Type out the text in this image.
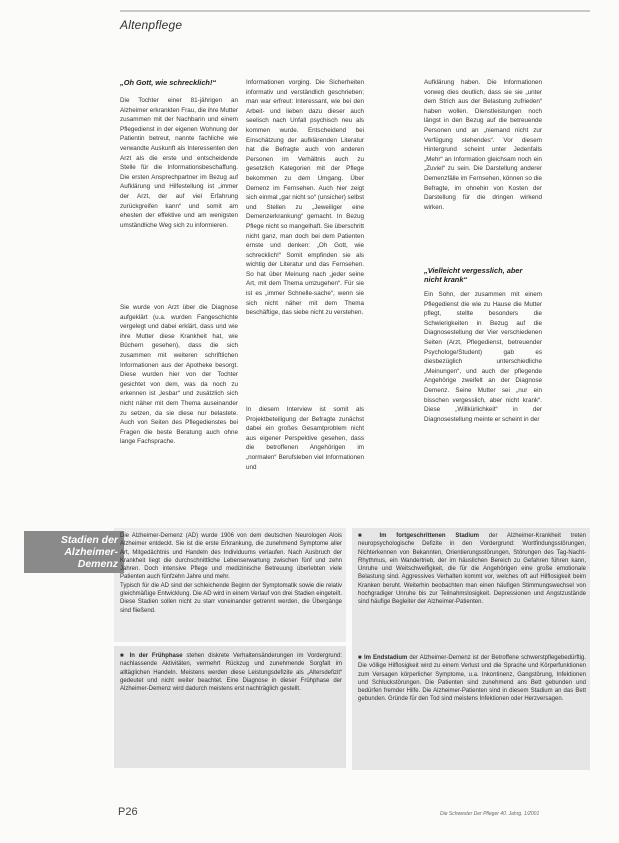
Altenpflege
„Oh Gott, wie schrecklich!“
Die Tochter einer 81-jährigen an Alzheimer erkrankten Frau, die ihre Mutter zusammen mit der Nachbarin und einem Pflegedienst in der eigenen Wohnung der Patientin betreut, nannte fachliche wie verwandte Auskunft als Interessenten den Arzt als die erste und entscheidende Stelle für die Informationsbeschaffung. Die ersten Ansprechpartner im Bezug auf Aufklärung und Hilfestellung ist „immer der Arzt, der auf viel Erfahrung zurückgreifen kann“ und somit am ehesten der effektive und am wenigsten umständliche Weg sich zu informieren.
Sie wurde von Arzt über die Diagnose aufgeklärt (u.a. wurden Fangeschichte vergelegt und dabei erklärt, dass und wie ihre Mutter diese Krankheit hat, wie Büchern gesehen), dass die sich zusammen mit weiteren schriftlichen Informationen aus der Apotheke besorgt. Diese wurden hier von der Tochter gesichtet von dem, was da noch zu erkennen ist „lesbar“ und zusätzlich sich nicht näher mit dem Thema auseinander zu setzen, da sie diese nur belastete. Auch von Seiten des Pflegedienstes bei Fragen die beste Beratung auch ohne lange Fachsprache.
Informationen vorging. Die Sicherheiten informativ und verständlich geschrieben; man war erfreut: Interessant, wie bei den Arbeit- und lieben dazu dieser auch seelisch nach Unfall psychisch neu als kommen wurde. Entscheidend bei Einschätzung der aufklärenden Literatur hat die Befragte auch von anderen Personen im Verhältnis auch zu gesetzlich Kategorien mit der Pflege bekommen zu dem Umgang. Über Demenz im Fernsehen. Auch hier zeigt sich einmal „gar nicht so“ (unsicher) selbst und Stellen zu „Jeweiliger eine Demenzerkrankung“ gemacht. In Bezug Pflege nicht so mangelhaft. Sie überschritt nicht ganz, man doch bei dem Patienten ernste und denken: „Oh Gott, wie schrecklich!“ Somit empfinden sie als wichtig der Literatur und das Fernsehen. So hat über Meinung nach „jeder seine Art, mit dem Thema umzugehen“. Für sie ist es „immer Schnelle-sache“, wenn sie sich nicht näher mit dem Thema beschäftige, das siebe nicht zu verstehen.
In diesem Interview ist somit als Projektbeteiligung der Befragte zunächst dabei ein großes Gesamtproblem nicht aus eigener Perspektive gesehen, dass die betroffenen Angehörigen im „normalen“ Berufsleben viel Informationen und
Aufklärung haben. Die Informationen vorweg dies deutlich, dass sie sie „unter dem Strich aus der Belastung zufrieden“ haben wollen. Dienstleistungen noch längst in den Bezug auf die betreuende Personen und an „niemand nicht zur Verfügung stehendes“. Vor diesem Hintergrund scheint unter Jedenfalls „Mehr“ an Information gleichsam noch ein „Zuviel“ zu sein. Die Darstellung anderer Demenzfälle im Fernsehen, können so die Befragte, im ohnehin von Kosten der Darstellung für die dringen wirkend wirken.
„Vielleicht vergesslich, aber nicht krank“
Ein Sohn, der zusammen mit einem Pflegedienst die wie zu Hause die Mutter pflegt, stellte besonders die Schwierigkeiten in Bezug auf die Diagnosestellung der Vier verschiedenen Seiten (Arzt, Pflegedienst, betreuender Psychologe/Student) gab es diesbezüglich unterschiedliche „Meinungen“, und auch der pflegende Angehörige zweifelt an der Diagnose Demenz. Seine Mutter sei „nur ein bisschen vergesslich, aber nicht krank“. Diese „Willkürlichkeit“ in der Diagnosestellung meinte er scheint in der
Stadien der Alzheimer-Demenz
Die Alzheimer-Demenz (AD) wurde 1906 von dem deutschen Neurologen Alois Alzheimer entdeckt. Sie ist die erste Erkrankung, die zunehmend Symptome aller Art, Mitgedächtnis und Handeln des Individuums verlaufen. Nach Ausbruch der Krankheit liegt die durchschnittliche Lebenserwartung zwischen fünf und zehn Jahren. Doch intensive Pflege und medizinische Betreuung überlebten viele Patienten auch fünfzehn Jahre und mehr.
Typisch für die AD sind der schleichende Beginn der Symptomatik sowie die relativ gleichmäßige Entwicklung. Die AD wird in einem Verlauf von drei Stadien eingeteilt. Diese Stadien sollen nicht zu starr voneinander getrennt werden, die Übergänge sind fließend.
■ In der Frühphase stehen diskrete Verhaltensänderungen im Vordergrund: nachlassende Aktivitäten, vermehrt Rückzug und zunehmende Sorgfalt im alltäglichen Handeln. Meistens werden diese Leistungsdefizite als „Altersdefizit“ gedeutet und nicht weiter beachtet. Eine Diagnose in dieser Frühphase der Alzheimer-Demenz wird dadurch meistens erst nachträglich gestellt.
■ Im fortgeschrittenen Stadium der Alzheimer-Krankheit treten neuropsychologische Defizite in den Vordergrund: Wortfindungsstörungen, Nichterkennen von Bekannten, Orientierungsstörungen, Störungen des Tag-Nacht-Rhythmus, ein Wandertrieb, der im häuslichen Bereich zu Gefahren führen kann, Unruhe und Weitschweifigkeit, die für die Angehörigen eine große emotionale Belastung sind. Aggressives Verhalten kommt vor, welches oft auf Hilflosigkeit beim Kranken beruht. Weiterhin beobachten man einen häufigen Stimmungswechsel von hochgradiger Unruhe bis zur Teilnahmslosigkeit. Depressionen und Angstzustände sind häufige Begleiter der Alzheimer-Patienten.
■ Im Endstadium der Alzheimer-Demenz ist der Betroffene schwerstpflegebedürftig. Die völlige Hilflosigkeit wird zu einem Verlust und die Sprache und Körperfunktionen zum Versagen körperlicher Symptome, u.a. Inkontinenz, Gangstörung, Infektionen und Schluckstörungen. Die Patienten sind zunehmend ans Bett gebunden und bedürfen fremder Hilfe. Die Alzheimer-Patienten sind in diesem Stadium an das Bett gebunden. Gründe für den Tod sind meistens Infektionen oder Herzversagen.
P26	Die Schwester Der Pfleger 40. Jahrg. 1/2001
